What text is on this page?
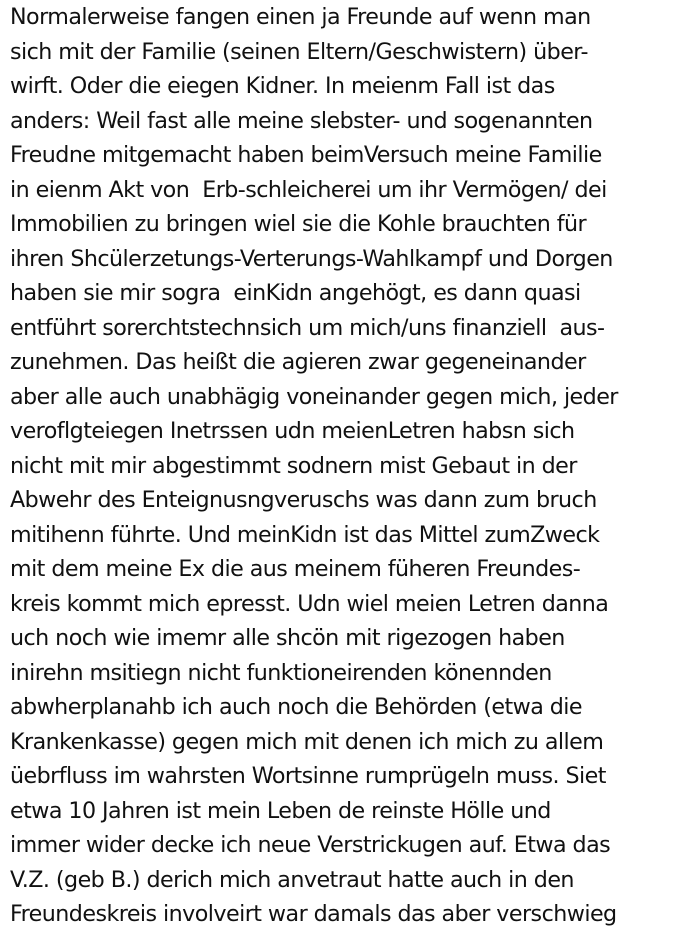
Normalerweise fangen einen ja Freunde auf wenn man
sich mit der Familie (seinen Eltern/Geschwistern) über-
wirft. Oder die eiegen Kidner. In meienm Fall ist das
anders: Weil fast alle meine slebster- und sogenannten
Freudne mitgemacht haben beimVersuch meine Familie
in eienm Akt von  Erb-schleicherei um ihr Vermögen/ dei
Immobilien zu bringen wiel sie die Kohle brauchten für
ihren Shcülerzetungs-Verterungs-Wahlkampf und Dorgen
haben sie mir sogra  einKidn angehögt, es dann quasi
entführt sorerchtstechnsich um mich/uns finanziell  aus-
zunehmen. Das heißt die agieren zwar gegeneinander
aber alle auch unabhägig voneinander gegen mich, jeder
veroflgteiegen Inetrssen udn meienLetren habsn sich
nicht mit mir abgestimmt sodnern mist Gebaut in der
Abwehr des Enteignusngveruschs was dann zum bruch
mitihenn führte. Und meinKidn ist das Mittel zumZweck
mit dem meine Ex die aus meinem füheren Freundes-
kreis kommt mich epresst. Udn wiel meien Letren danna
uch noch wie imemr alle shcön mit rigezogen haben
inirehn msitiegn nicht funktioneirenden könennden
abwherplanahb ich auch noch die Behörden (etwa die
Krankenkasse) gegen mich mit denen ich mich zu allem
üebrfluss im wahrsten Wortsinne rumprügeln muss. Siet
etwa 10 Jahren ist mein Leben de reinste Hölle und
immer wider decke ich neue Verstrickugen auf. Etwa das
V.Z. (geb B.) derich mich anvetraut hatte auch in den
Freundeskreis involveirt war damals das aber verschwieg
